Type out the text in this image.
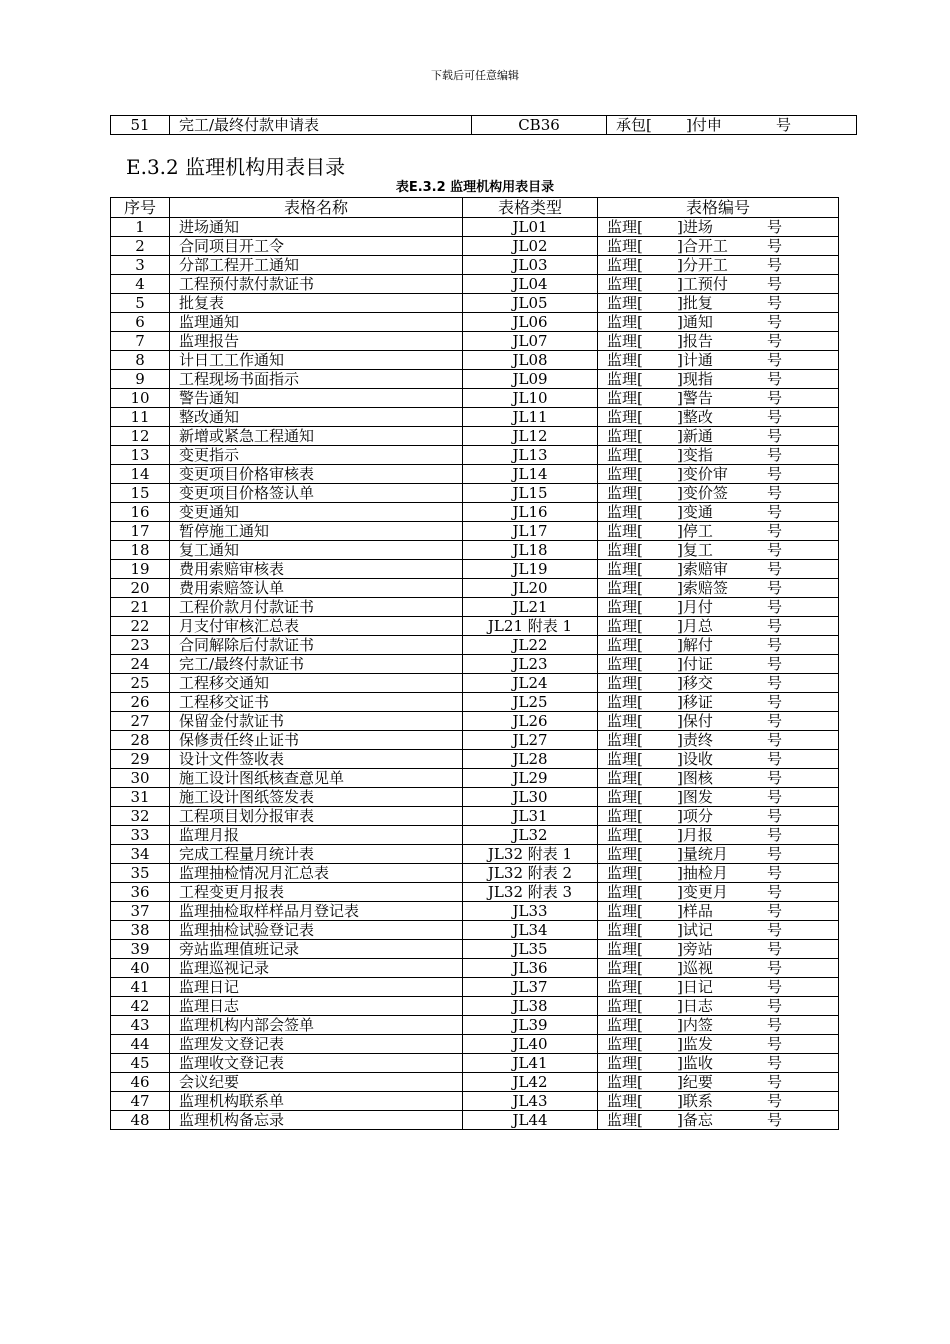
下载后可任意编辑
51	完工/最终付款申请表	CB36	承包[ ]付申	号
E.3.2 监理机构用表目录
表E.3.2 监理机构用表目录
序号	表格名称	表格类型	表格编号
1	进场通知	JL01	监理[ ]进场 号
2	合同项目开工令	JL02	监理[ ]合开工 号
3	分部工程开工通知	JL03	监理[ ]分开工 号
4	工程预付款付款证书	JL04	监理[ ]工预付 号
5	批复表	JL05	监理[ ]批复 号
6	监理通知	JL06	监理[ ]通知 号
7	监理报告	JL07	监理[ ]报告 号
8	计日工工作通知	JL08	监理[ ]计通 号
9	工程现场书面指示	JL09	监理[ ]现指 号
10	警告通知	JL10	监理[ ]警告 号
11	整改通知	JL11	监理[ ]整改 号
12	新增或紧急工程通知	JL12	监理[ ]新通 号
13	变更指示	JL13	监理[ ]变指 号
14	变更项目价格审核表	JL14	监理[ ]变价审 号
15	变更项目价格签认单	JL15	监理[ ]变价签 号
16	变更通知	JL16	监理[ ]变通 号
17	暂停施工通知	JL17	监理[ ]停工 号
18	复工通知	JL18	监理[ ]复工 号
19	费用索赔审核表	JL19	监理[ ]索赔审 号
20	费用索赔签认单	JL20	监理[ ]索赔签 号
21	工程价款月付款证书	JL21	监理[ ]月付 号
22	月支付审核汇总表	JL21 附表 1	监理[ ]月总 号
23	合同解除后付款证书	JL22	监理[ ]解付 号
24	完工/最终付款证书	JL23	监理[ ]付证 号
25	工程移交通知	JL24	监理[ ]移交 号
26	工程移交证书	JL25	监理[ ]移证 号
27	保留金付款证书	JL26	监理[ ]保付 号
28	保修责任终止证书	JL27	监理[ ]责终 号
29	设计文件签收表	JL28	监理[ ]设收 号
30	施工设计图纸核查意见单	JL29	监理[ ]图核 号
31	施工设计图纸签发表	JL30	监理[ ]图发 号
32	工程项目划分报审表	JL31	监理[ ]项分 号
33	监理月报	JL32	监理[ ]月报 号
34	完成工程量月统计表	JL32 附表 1	监理[ ]量统月 号
35	监理抽检情况月汇总表	JL32 附表 2	监理[ ]抽检月 号
36	工程变更月报表	JL32 附表 3	监理[ ]变更月 号
37	监理抽检取样样品月登记表	JL33	监理[ ]样品 号
38	监理抽检试验登记表	JL34	监理[ ]试记 号
39	旁站监理值班记录	JL35	监理[ ]旁站 号
40	监理巡视记录	JL36	监理[ ]巡视 号
41	监理日记	JL37	监理[ ]日记 号
42	监理日志	JL38	监理[ ]日志 号
43	监理机构内部会签单	JL39	监理[ ]内签 号
44	监理发文登记表	JL40	监理[ ]监发 号
45	监理收文登记表	JL41	监理[ ]监收 号
46	会议纪要	JL42	监理[ ]纪要 号
47	监理机构联系单	JL43	监理[ ]联系 号
48	监理机构备忘录	JL44	监理[ ]备忘 号
